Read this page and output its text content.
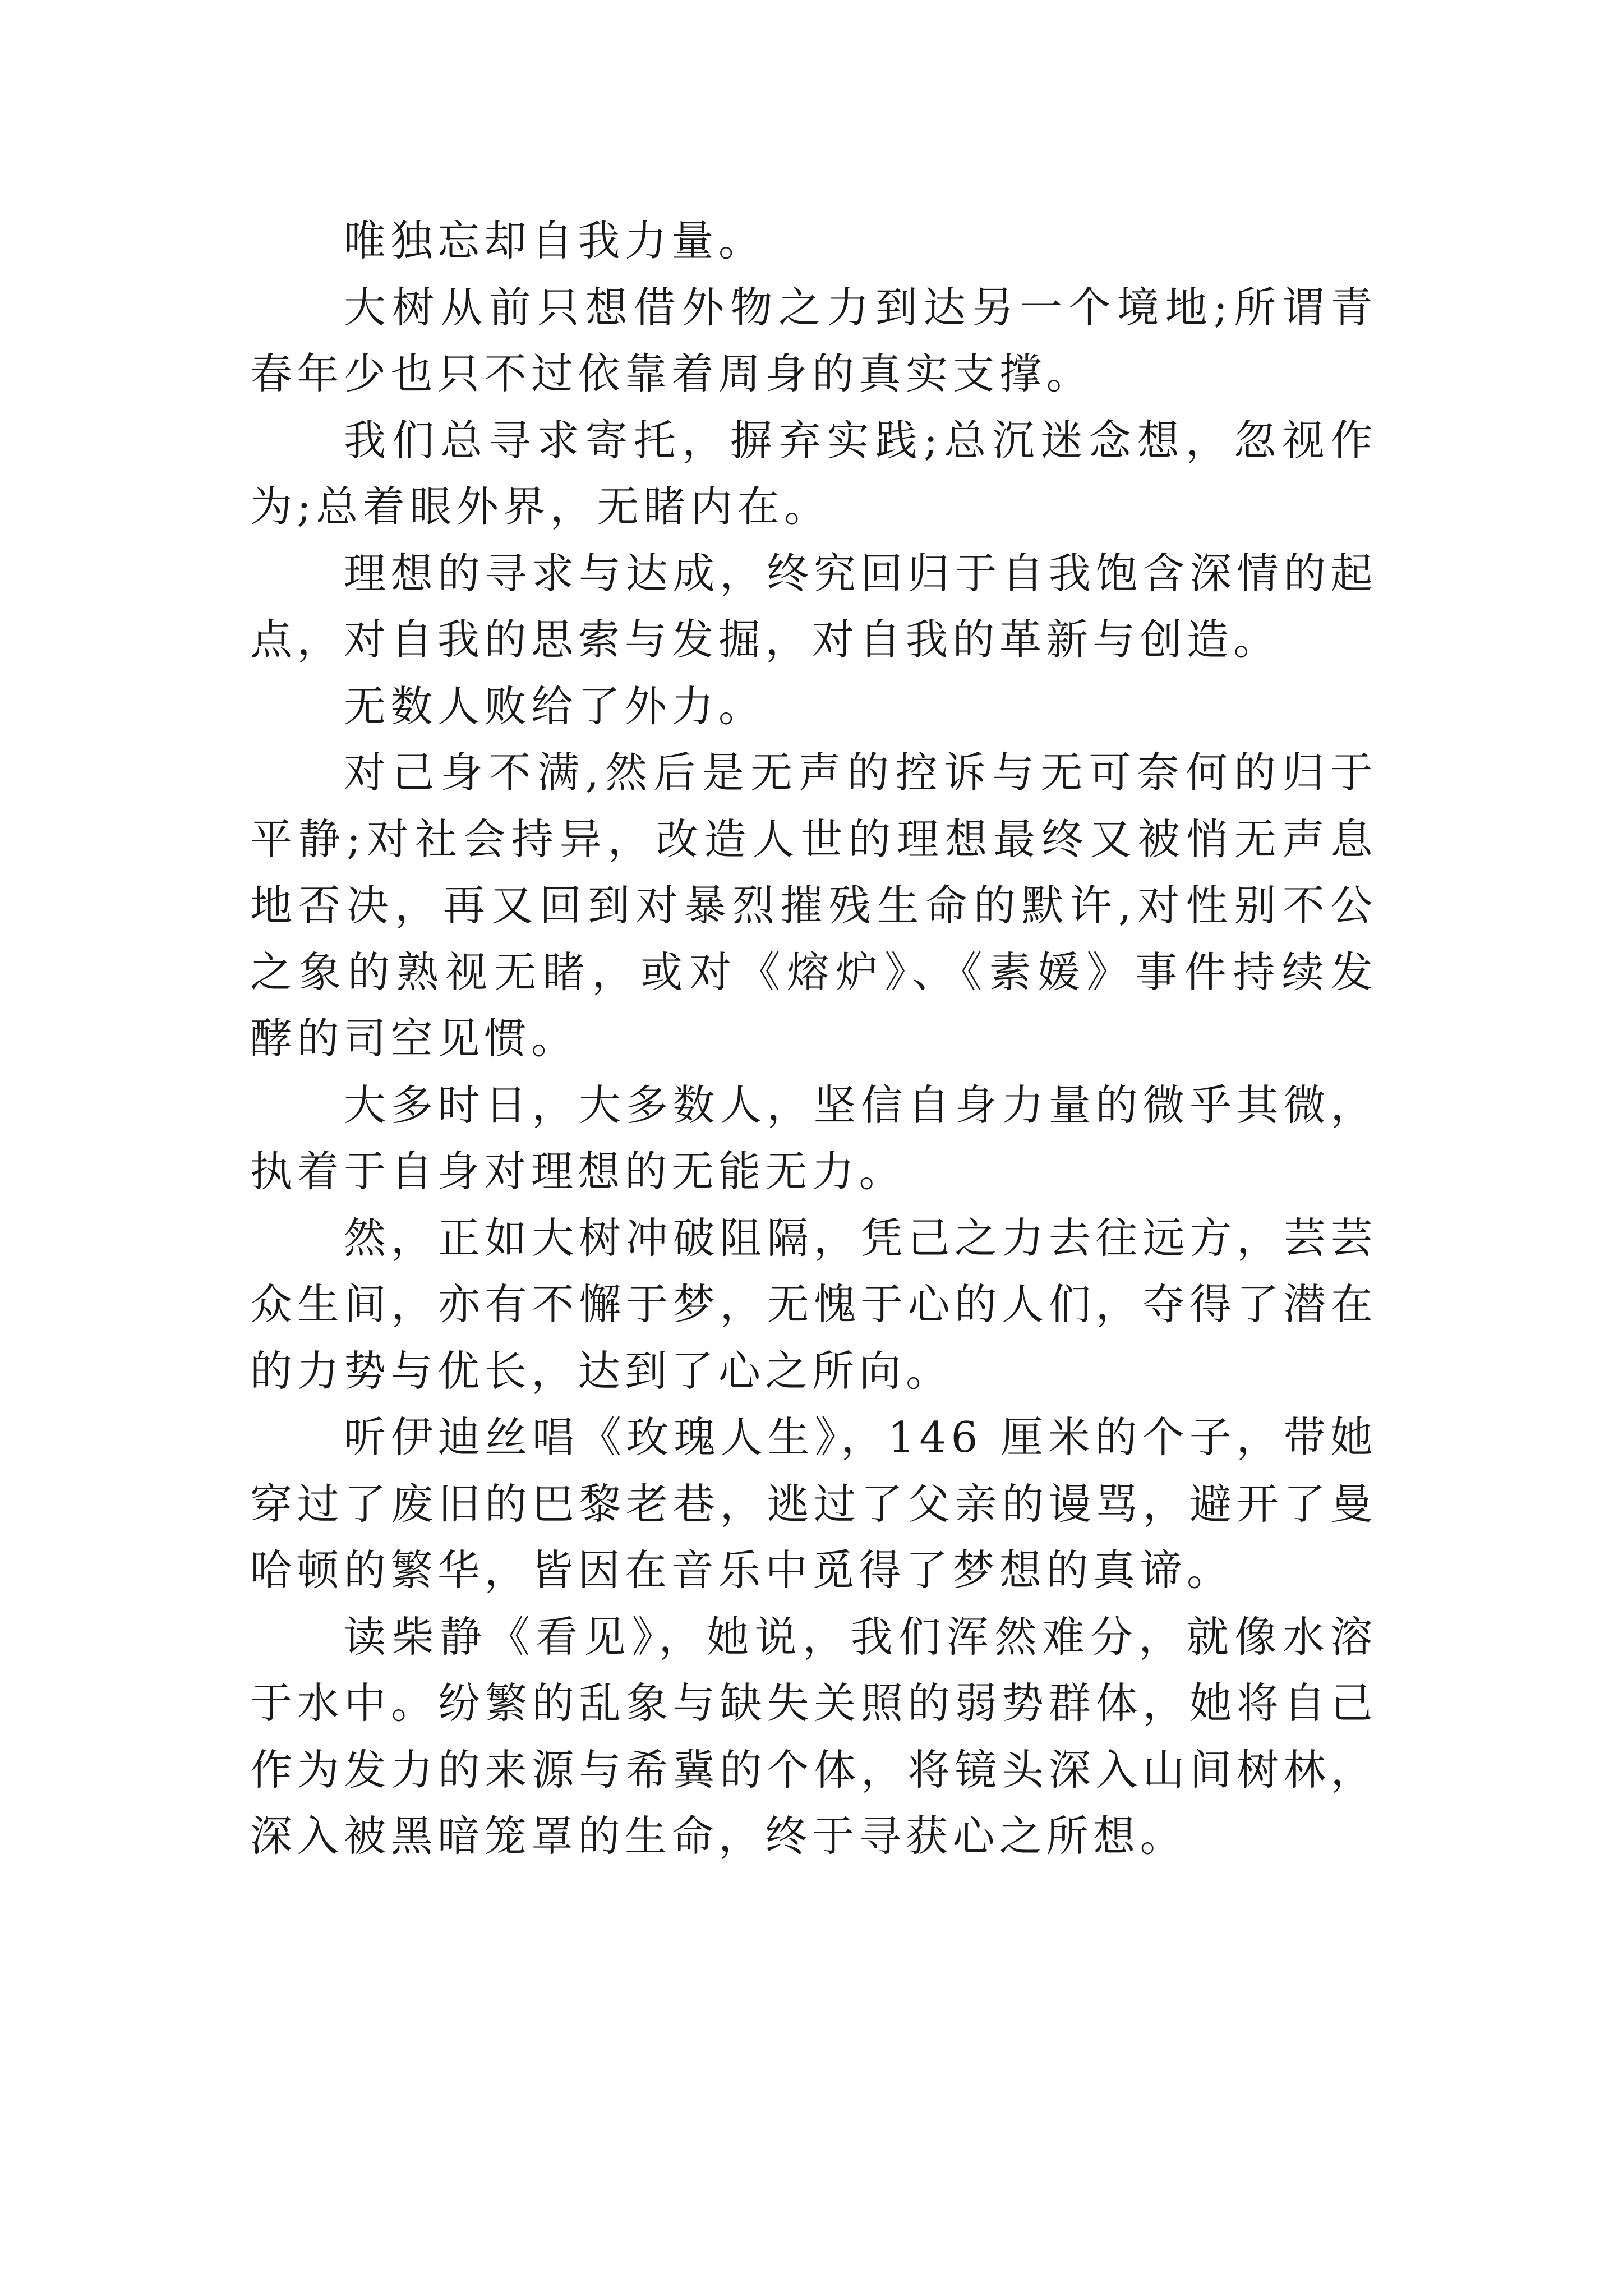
唯独忘却自我力量。

大树从前只想借外物之力到达另一个境地;所谓青春年少也只不过依靠着周身的真实支撑。

我们总寻求寄托，摒弃实践;总沉迷念想，忽视作为;总着眼外界，无睹内在。

理想的寻求与达成，终究回归于自我饱含深情的起点，对自我的思索与发掘，对自我的革新与创造。

无数人败给了外力。

对己身不满,然后是无声的控诉与无可奈何的归于平静;对社会持异，改造人世的理想最终又被悄无声息地否决，再又回到对暴烈摧残生命的默许,对性别不公之象的熟视无睹，或对《熔炉》、《素媛》事件持续发酵的司空见惯。

大多时日，大多数人，坚信自身力量的微乎其微，执着于自身对理想的无能无力。

然，正如大树冲破阻隔，凭己之力去往远方，芸芸众生间，亦有不懈于梦，无愧于心的人们，夺得了潜在的力势与优长，达到了心之所向。

听伊迪丝唱《玫瑰人生》，146 厘米的个子，带她穿过了废旧的巴黎老巷，逃过了父亲的谩骂，避开了曼哈顿的繁华，皆因在音乐中觅得了梦想的真谛。

读柴静《看见》，她说，我们浑然难分，就像水溶于水中。纷繁的乱象与缺失关照的弱势群体，她将自己作为发力的来源与希冀的个体，将镜头深入山间树林，深入被黑暗笼罩的生命，终于寻获心之所想。
